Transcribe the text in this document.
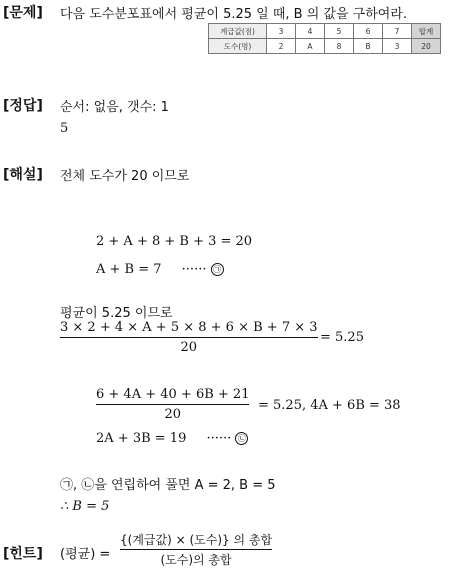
[문제] 다음 도수분포표에서 평균이 5.25 일 때, B 의 값을 구하여라.
계급값(점)	3	4	5	6	7	합계
도수(명)	2	A	8	B	3	20
[정답] 순서: 없음, 갯수: 1
5
[해설] 전체 도수가 20 이므로
2 + A + 8 + B + 3 = 20
A + B = 7 ······ ㉠
평균이 5.25 이므로
3 × 2 + 4 × A + 5 × 8 + 6 × B + 7 × 3
20
= 5.25
6 + 4A + 40 + 6B + 21
20
= 5.25, 4A + 6B = 38
2A + 3B = 19 ······ ㉡
㉠, ㉡을 연립하여 풀면 A = 2, B = 5
∴ B = 5
[힌트] (평균) =
{(계급값) × (도수)} 의 총합
(도수)의 총합
